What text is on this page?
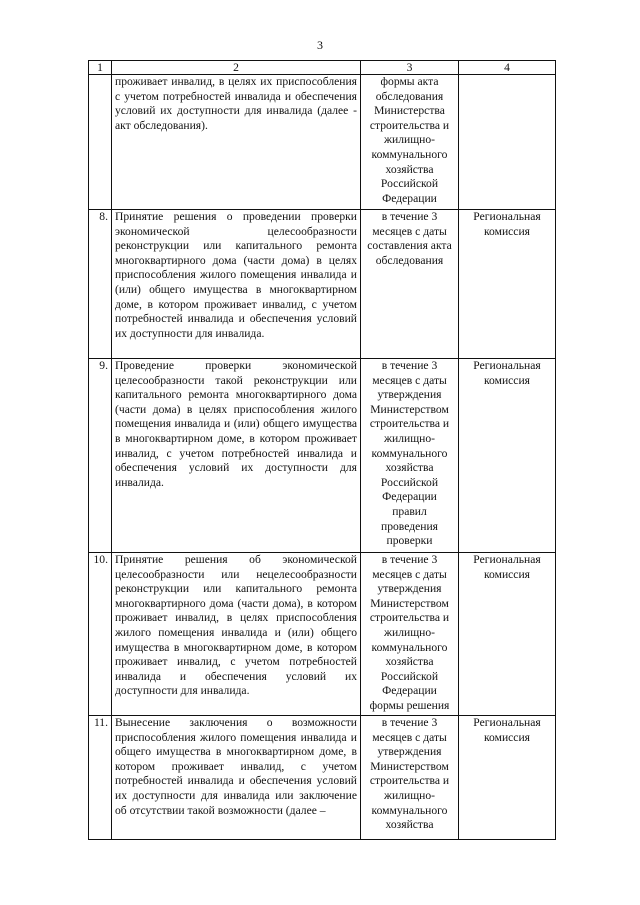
3
1	2	3	4
	проживает инвалид, в целях их приспособления с учетом потребностей инвалида и обеспечения условий их доступности для инвалида (далее - акт обследования).	формы акта обследования Министерства строительства и жилищно-коммунального хозяйства Российской Федерации	
8.	Принятие решения о проведении проверки экономической целесообразности реконструкции или капитального ремонта многоквартирного дома (части дома) в целях приспособления жилого помещения инвалида и (или) общего имущества в многоквартирном доме, в котором проживает инвалид, с учетом потребностей инвалида и обеспечения условий их доступности для инвалида.	в течение 3 месяцев с даты составления акта обследования	Региональная комиссия
9.	Проведение проверки экономической целесообразности такой реконструкции или капитального ремонта многоквартирного дома (части дома) в целях приспособления жилого помещения инвалида и (или) общего имущества в многоквартирном доме, в котором проживает инвалид, с учетом потребностей инвалида и обеспечения условий их доступности для инвалида.	в течение 3 месяцев с даты утверждения Министерством строительства и жилищно-коммунального хозяйства Российской Федерации правил проведения проверки	Региональная комиссия
10.	Принятие решения об экономической целесообразности или нецелесообразности реконструкции или капитального ремонта многоквартирного дома (части дома), в котором проживает инвалид, в целях приспособления жилого помещения инвалида и (или) общего имущества в многоквартирном доме, в котором проживает инвалид, с учетом потребностей инвалида и обеспечения условий их доступности для инвалида.	в течение 3 месяцев с даты утверждения Министерством строительства и жилищно-коммунального хозяйства Российской Федерации формы решения	Региональная комиссия
11.	Вынесение заключения о возможности приспособления жилого помещения инвалида и общего имущества в многоквартирном доме, в котором проживает инвалид, с учетом потребностей инвалида и обеспечения условий их доступности для инвалида или заключение об отсутствии такой возможности (далее –	в течение 3 месяцев с даты утверждения Министерством строительства и жилищно-коммунального хозяйства	Региональная комиссия
